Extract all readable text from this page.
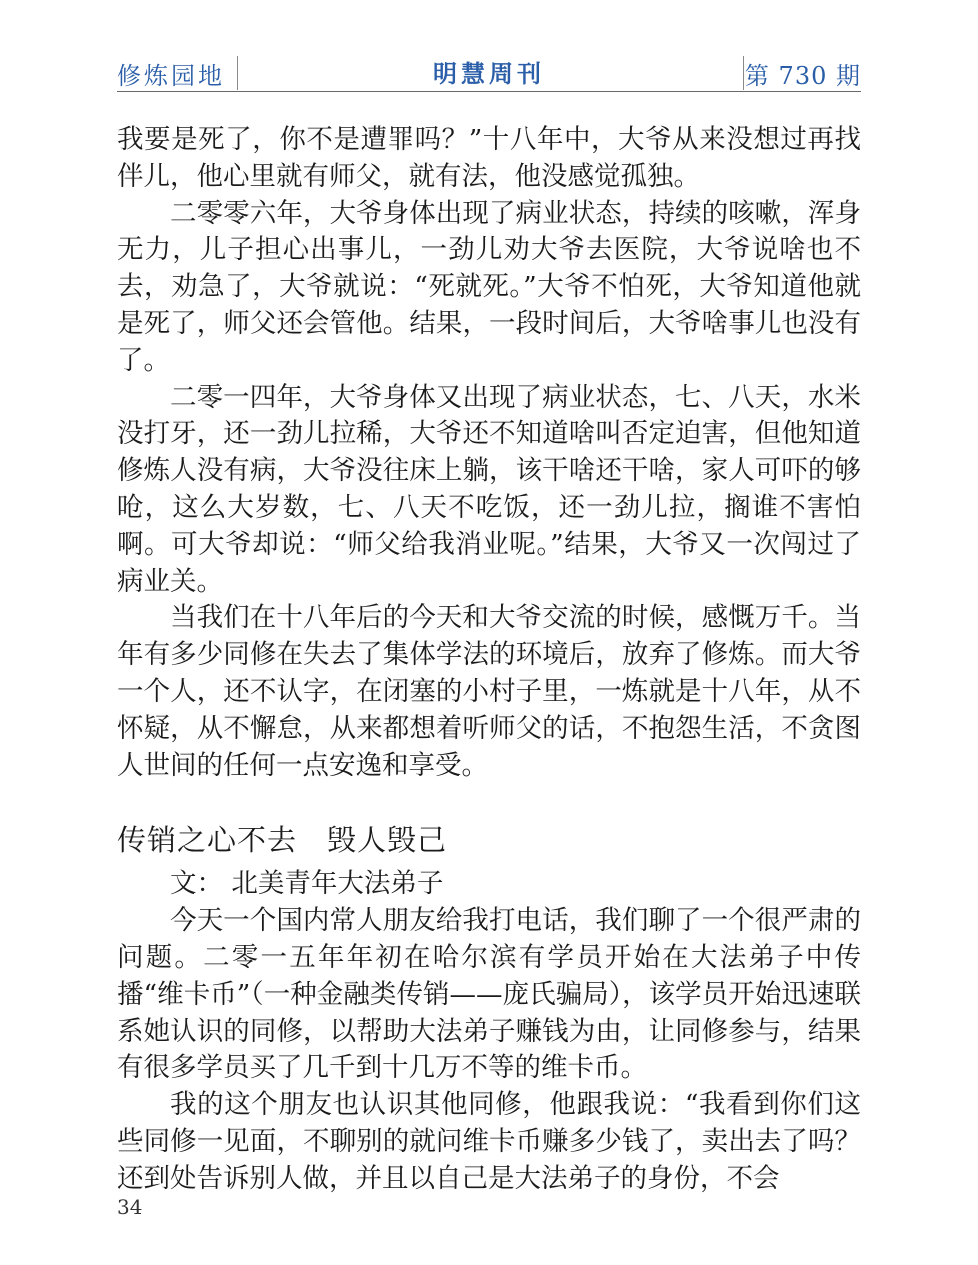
修炼园地	明慧周刊	第 730 期

我要是死了，你不是遭罪吗？”十八年中，大爷从来没想过再找伴儿，他心里就有师父，就有法，他没感觉孤独。

二零零六年，大爷身体出现了病业状态，持续的咳嗽，浑身无力，儿子担心出事儿，一劲儿劝大爷去医院，大爷说啥也不去，劝急了，大爷就说：“死就死。”大爷不怕死，大爷知道他就是死了，师父还会管他。结果，一段时间后，大爷啥事儿也没有了。

二零一四年，大爷身体又出现了病业状态，七、八天，水米没打牙，还一劲儿拉稀，大爷还不知道啥叫否定迫害，但他知道修炼人没有病，大爷没往床上躺，该干啥还干啥，家人可吓的够呛，这么大岁数，七、八天不吃饭，还一劲儿拉，搁谁不害怕啊。可大爷却说：“师父给我消业呢。”结果，大爷又一次闯过了病业关。

当我们在十八年后的今天和大爷交流的时候，感慨万千。当年有多少同修在失去了集体学法的环境后，放弃了修炼。而大爷一个人，还不认字，在闭塞的小村子里，一炼就是十八年，从不怀疑，从不懈怠，从来都想着听师父的话，不抱怨生活，不贪图人世间的任何一点安逸和享受。

传销之心不去　毁人毁己

文： 北美青年大法弟子

今天一个国内常人朋友给我打电话，我们聊了一个很严肃的问题。二零一五年年初在哈尔滨有学员开始在大法弟子中传播“维卡币”（一种金融类传销——庞氏骗局），该学员开始迅速联系她认识的同修，以帮助大法弟子赚钱为由，让同修参与，结果有很多学员买了几千到十几万不等的维卡币。

我的这个朋友也认识其他同修，他跟我说：“我看到你们这些同修一见面，不聊别的就问维卡币赚多少钱了，卖出去了吗？还到处告诉别人做，并且以自己是大法弟子的身份，不会

34
